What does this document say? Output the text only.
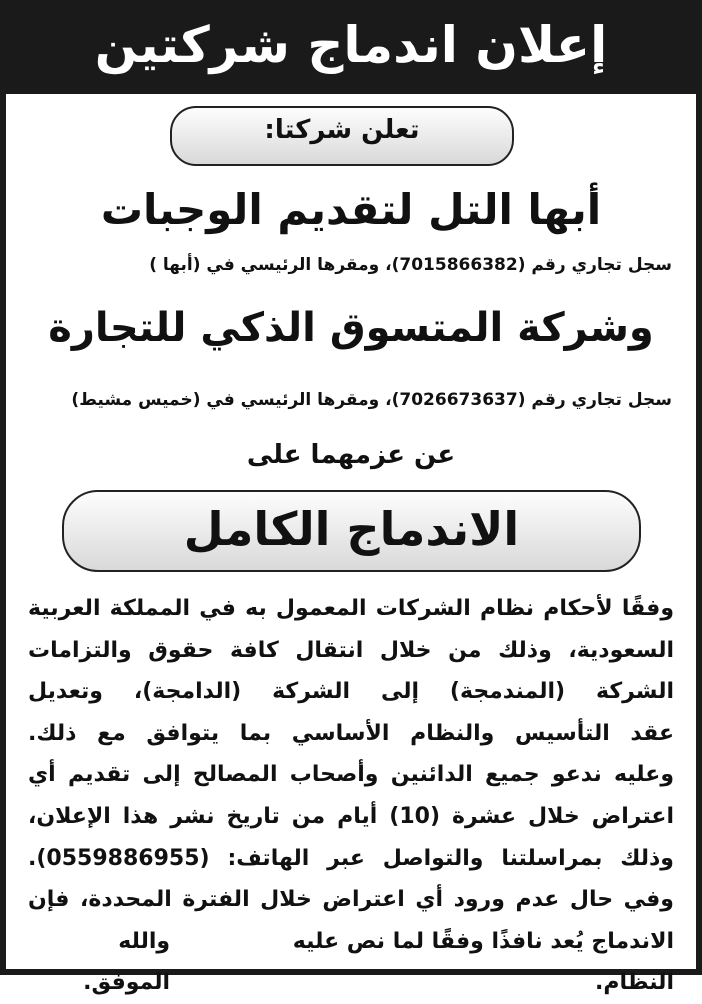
إعلان اندماج شركتين
تعلن شركتا:
أبها التل لتقديم الوجبات
سجل تجاري رقم (7015866382)، ومقرها الرئيسي في (أبها )
وشركة المتسوق الذكي للتجارة
سجل تجاري رقم (7026673637)، ومقرها الرئيسي في (خميس مشيط)
عن عزمهما على
الاندماج الكامل
وفقًا لأحكام نظام الشركات المعمول به في المملكة العربية
السعودية، وذلك من خلال انتقال كافة حقوق والتزامات
الشركة (المندمجة) إلى الشركة (الدامجة)، وتعديل
عقد التأسيس والنظام الأساسي بما يتوافق مع ذلك.
وعليه ندعو جميع الدائنين وأصحاب المصالح إلى تقديم أي
اعتراض خلال عشرة (10) أيام من تاريخ نشر هذا الإعلان،
وذلك بمراسلتنا والتواصل عبر الهاتف: (0559886955).
وفي حال عدم ورود أي اعتراض خلال الفترة المحددة، فإن
الاندماج يُعد نافذًا وفقًا لما نص عليه النظام.
والله الموفق.
